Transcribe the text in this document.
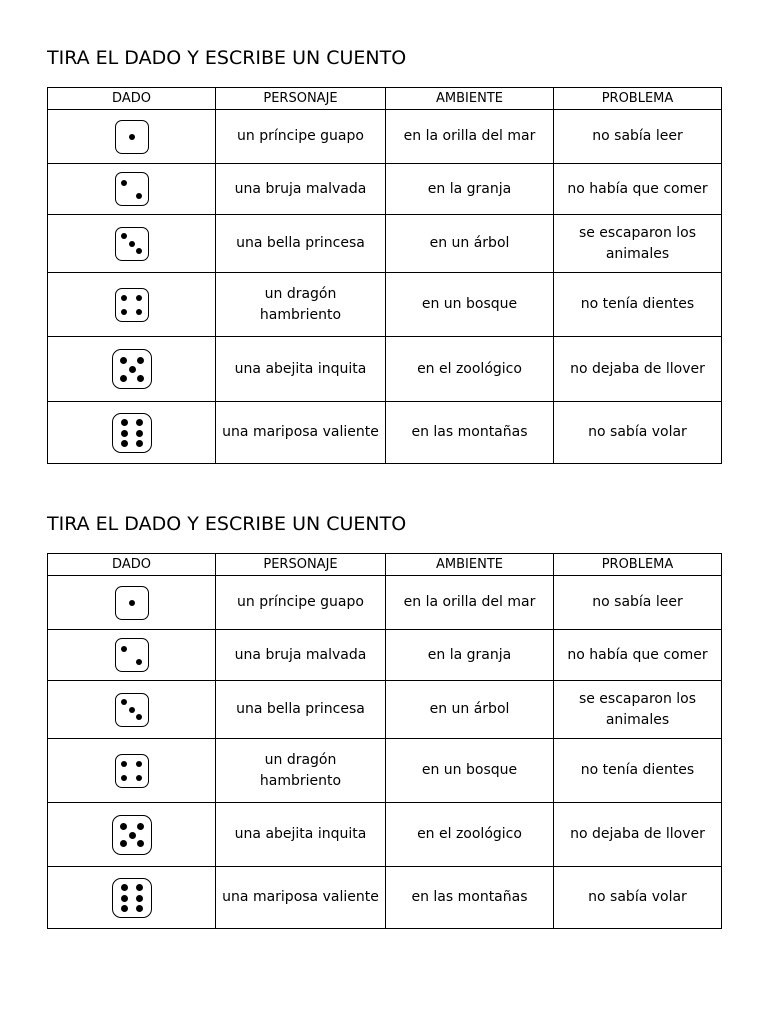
TIRA EL DADO Y ESCRIBE UN CUENTO
DADO	PERSONAJE	AMBIENTE	PROBLEMA

	un príncipe guapo	en la orilla del mar	no sabía leer

	una bruja malvada	en la granja	no había que comer

	una bella princesa	en un árbol	se escaparon los animales

	un dragón hambriento	en un bosque	no tenía dientes

	una abejita inquita	en el zoológico	no dejaba de llover

	una mariposa valiente	en las montañas	no sabía volar
TIRA EL DADO Y ESCRIBE UN CUENTO
DADO	PERSONAJE	AMBIENTE	PROBLEMA

	un príncipe guapo	en la orilla del mar	no sabía leer

	una bruja malvada	en la granja	no había que comer

	una bella princesa	en un árbol	se escaparon los animales

	un dragón hambriento	en un bosque	no tenía dientes

	una abejita inquita	en el zoológico	no dejaba de llover

	una mariposa valiente	en las montañas	no sabía volar
